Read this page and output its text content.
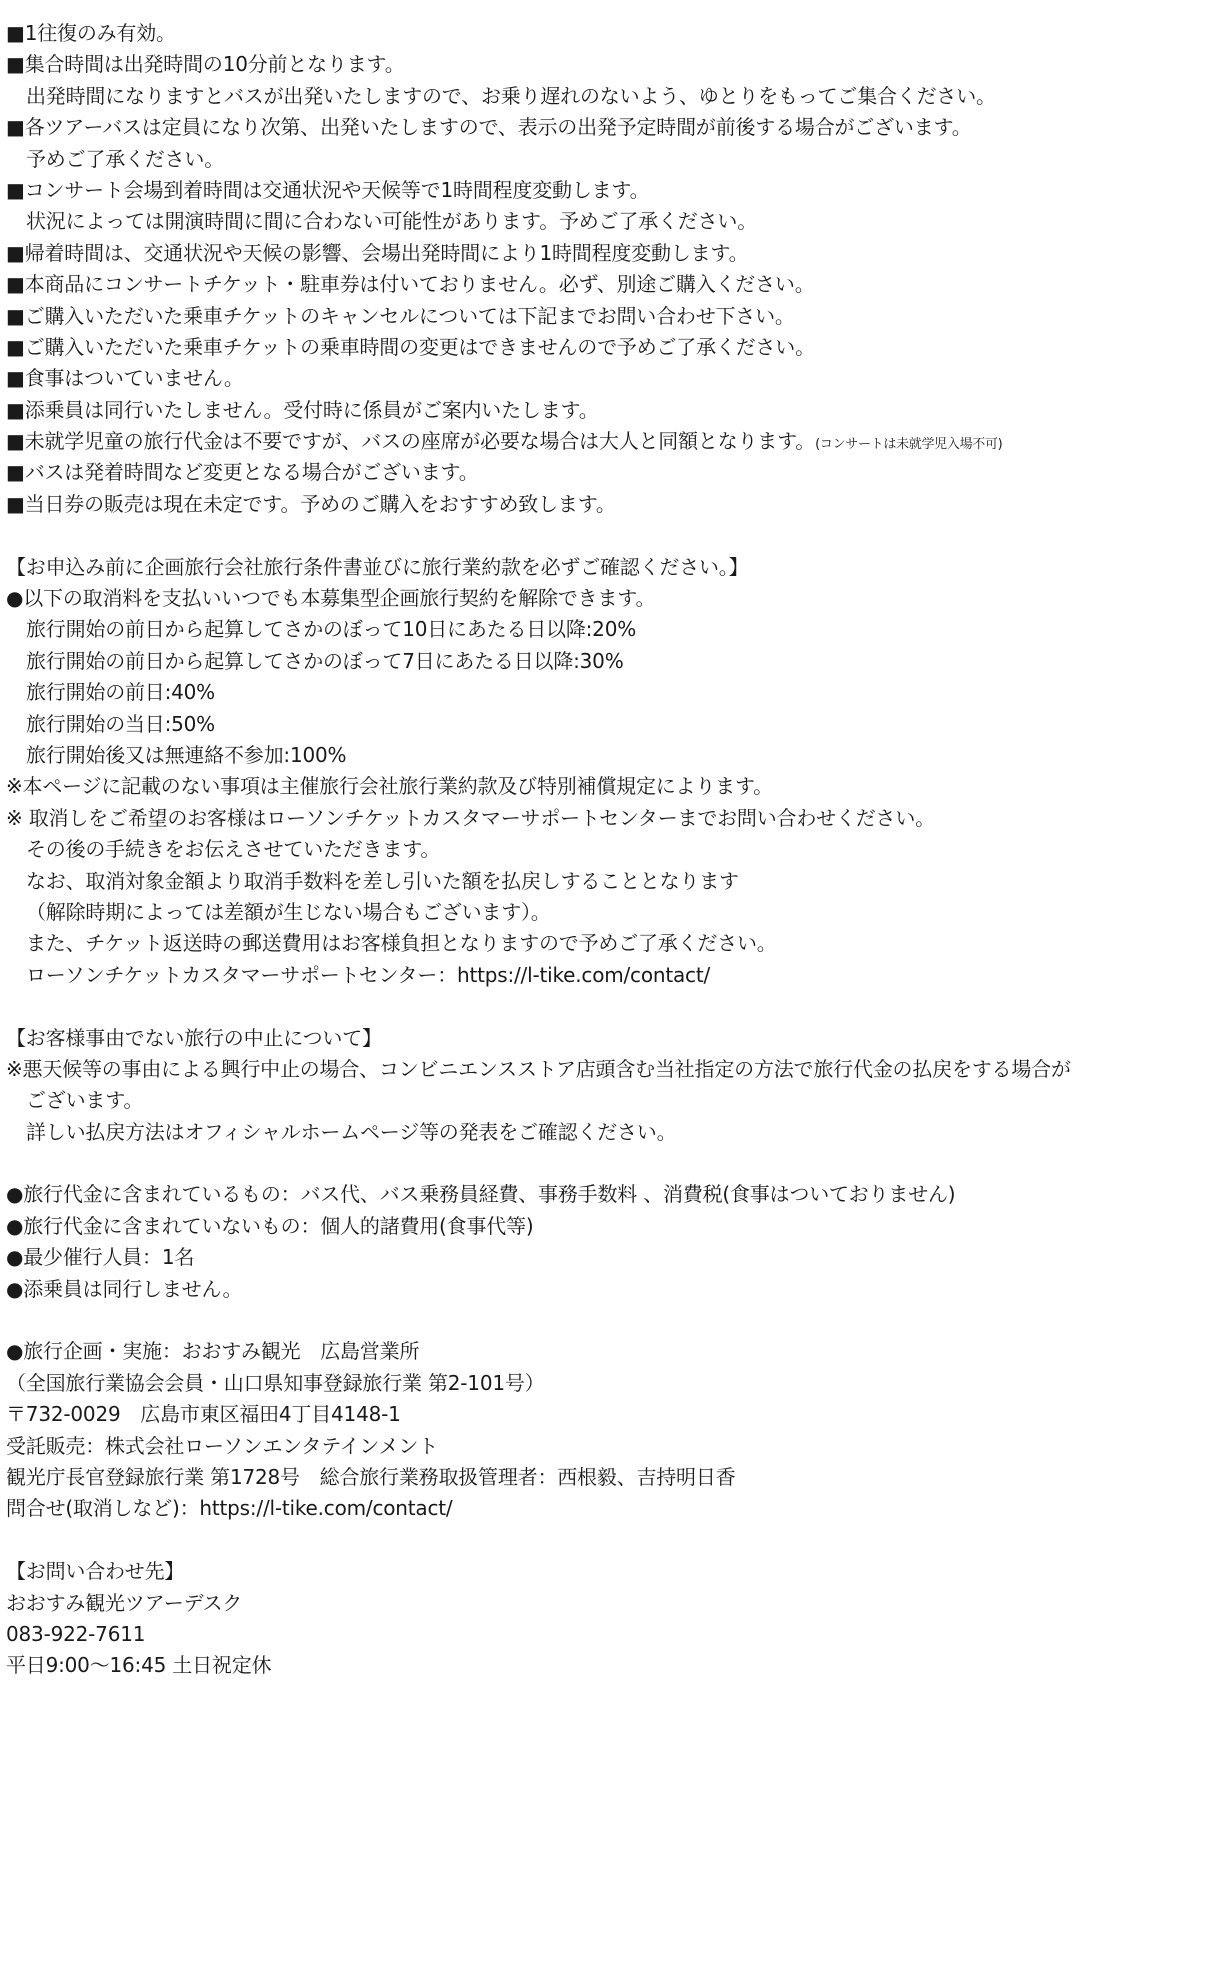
■1往復のみ有効。
■集合時間は出発時間の10分前となります。
出発時間になりますとバスが出発いたしますので、お乗り遅れのないよう、ゆとりをもってご集合ください。
■各ツアーバスは定員になり次第、出発いたしますので、表示の出発予定時間が前後する場合がございます。
予めご了承ください。
■コンサート会場到着時間は交通状況や天候等で1時間程度変動します。
状況によっては開演時間に間に合わない可能性があります。予めご了承ください。
■帰着時間は、交通状況や天候の影響、会場出発時間により1時間程度変動します。
■本商品にコンサートチケット・駐車券は付いておりません。必ず、別途ご購入ください。
■ご購入いただいた乗車チケットのキャンセルについては下記までお問い合わせ下さい。
■ご購入いただいた乗車チケットの乗車時間の変更はできませんので予めご了承ください。
■食事はついていません。
■添乗員は同行いたしません。受付時に係員がご案内いたします。
■未就学児童の旅行代金は不要ですが、バスの座席が必要な場合は大人と同額となります。(コンサートは未就学児入場不可)
■バスは発着時間など変更となる場合がございます。
■当日券の販売は現在未定です。予めのご購入をおすすめ致します。
【お申込み前に企画旅行会社旅行条件書並びに旅行業約款を必ずご確認ください。】
●以下の取消料を支払いいつでも本募集型企画旅行契約を解除できます。
旅行開始の前日から起算してさかのぼって10日にあたる日以降:20%
旅行開始の前日から起算してさかのぼって7日にあたる日以降:30%
旅行開始の前日:40%
旅行開始の当日:50%
旅行開始後又は無連絡不参加:100%
※本ページに記載のない事項は主催旅行会社旅行業約款及び特別補償規定によります。
※ 取消しをご希望のお客様はローソンチケットカスタマーサポートセンターまでお問い合わせください。
その後の手続きをお伝えさせていただきます。
なお、取消対象金額より取消手数料を差し引いた額を払戻しすることとなります
（解除時期によっては差額が生じない場合もございます）。
また、チケット返送時の郵送費用はお客様負担となりますので予めご了承ください。
ローソンチケットカスタマーサポートセンター：https://l-tike.com/contact/
【お客様事由でない旅行の中止について】
※悪天候等の事由による興行中止の場合、コンビニエンスストア店頭含む当社指定の方法で旅行代金の払戻をする場合が
ございます。
詳しい払戻方法はオフィシャルホームページ等の発表をご確認ください。
●旅行代金に含まれているもの：バス代、バス乗務員経費、事務手数料 、消費税(食事はついておりません)
●旅行代金に含まれていないもの：個人的諸費用(食事代等)
●最少催行人員：1名
●添乗員は同行しません。
●旅行企画・実施：おおすみ観光　広島営業所
（全国旅行業協会会員・山口県知事登録旅行業 第2-101号）
〒732-0029　広島市東区福田4丁目4148-1
受託販売：株式会社ローソンエンタテインメント
観光庁長官登録旅行業 第1728号　総合旅行業務取扱管理者：西根毅、吉持明日香
問合せ(取消しなど)：https://l-tike.com/contact/
【お問い合わせ先】
おおすみ観光ツアーデスク
083-922-7611
平日9:00〜16:45 土日祝定休
